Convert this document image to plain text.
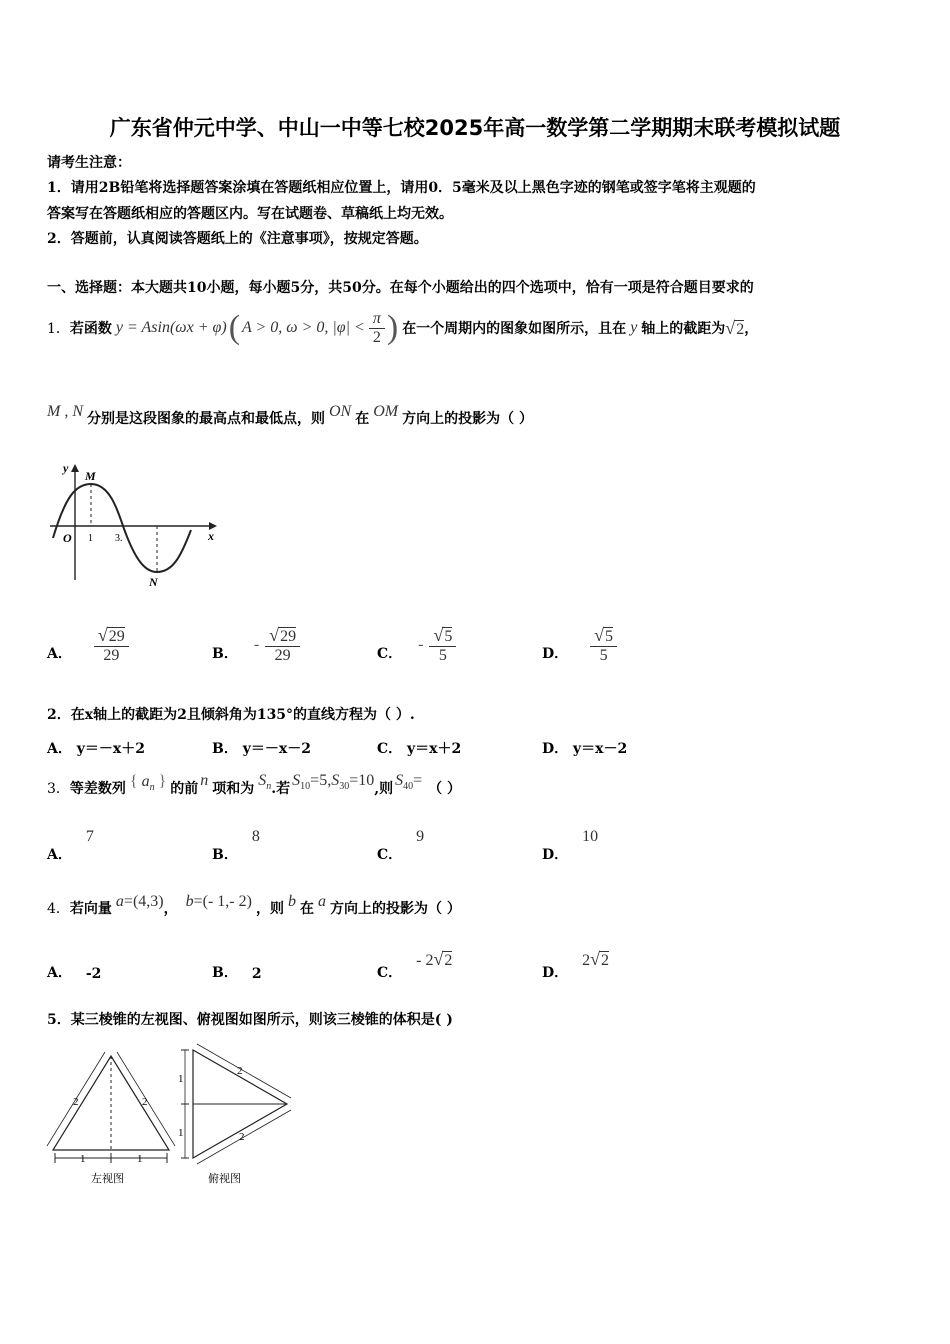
广东省仲元中学、中山一中等七校2025年高一数学第二学期期末联考模拟试题
请考生注意：
1．请用2B铅笔将选择题答案涂填在答题纸相应位置上，请用0．5毫米及以上黑色字迹的钢笔或签字笔将主观题的
答案写在答题纸相应的答题区内。写在试题卷、草稿纸上均无效。
2．答题前，认真阅读答题纸上的《注意事项》，按规定答题。
一、选择题：本大题共10小题，每小题5分，共50分。在每个小题给出的四个选项中，恰有一项是符合题目要求的
1． 若函数 y = Asin(ωx + φ) ( A > 0, ω > 0, $|\varphi| < \frac{\pi}{2}$ ) 在一个周期内的图象如图所示，且在 y 轴上的截距为 √2 ，
M , N 分别是这段图象的最高点和最低点，则 ON 在 OM 方向上的投影为（ ）
y
M
O 1 3.	x
N
A． $\frac{√29}{29}$	B．
- $\frac{√29}{29}$	C．
- $\frac{√5}{5}$	D． $\frac{√5}{5}$
2．在x轴上的截距为2且倾斜角为135°的直线方程为（ ）.
A． y＝－x＋2	B． y＝－x－2	C． y＝x＋2	D． y＝x－2
3． 等差数列 { $a_n$ } 的前 n 项和为 $S_n$ .若 $S_{10} =5$, $S_{30} =10$ ,则 $S_{40}$ = （ ）
A．
7
B．
8
C．
9
D．
10
4． 若向量 a =(4,3) ， b =(- 1,- 2) ，则 b 在 a 方向上的投影为（ ）
A． -2	B． 2	C．
- 2 √2
D．
2 √2
5．某三棱锥的左视图、俯视图如图所示，则该三棱锥的体积是( )
2	2
1	1
左视图
1
1
2
2
俯视图
